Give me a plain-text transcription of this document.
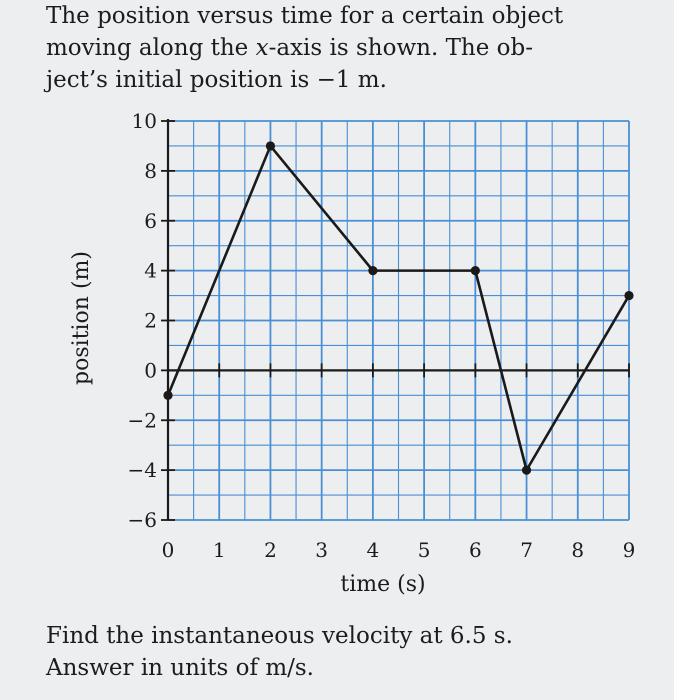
The position versus time for a certain object
moving along the x-axis is shown. The ob-
ject’s initial position is −1 m.

10
8
6
4
2
0
−2
−4
−6
0 1 2 3 4 5 6 7 8 9
time (s)
position (m)

Find the instantaneous velocity at 6.5 s.
Answer in units of m/s.
